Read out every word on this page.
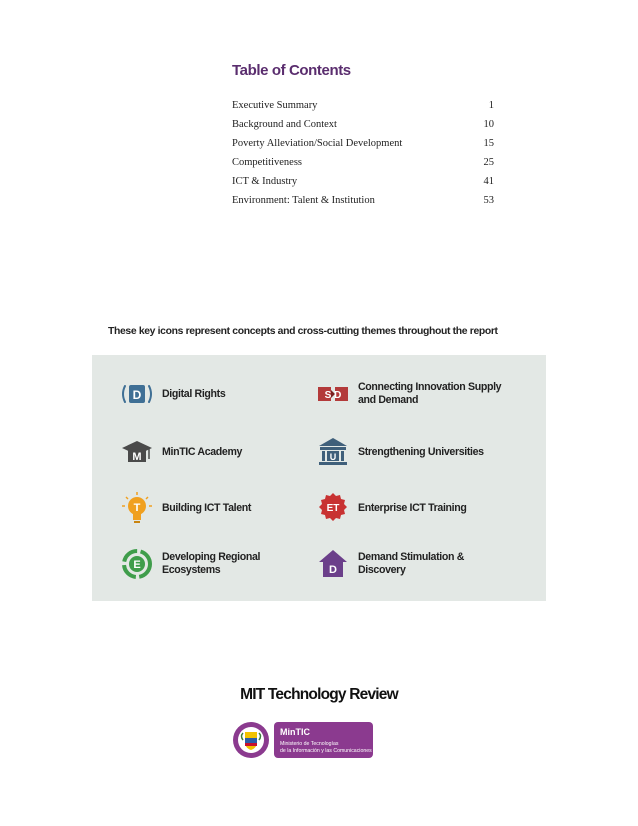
Table of Contents
Executive Summary	1
Background and Context	10
Poverty Alleviation/Social Development	15
Competitiveness	25
ICT & Industry	41
Environment: Talent & Institution	53
These key icons represent concepts and cross-cutting themes throughout the report
D Digital Rights	S D
Connecting Innovation Supply and Demand
M MinTIC Academy	U Strengthening Universities
T Building ICT Talent	ET Enterprise ICT Training
E
Developing Regional Ecosystems	D
Demand Stimulation & Discovery
MIT Technology Review
MinTIC
Ministerio de Tecnologías
de la Información y las Comunicaciones
